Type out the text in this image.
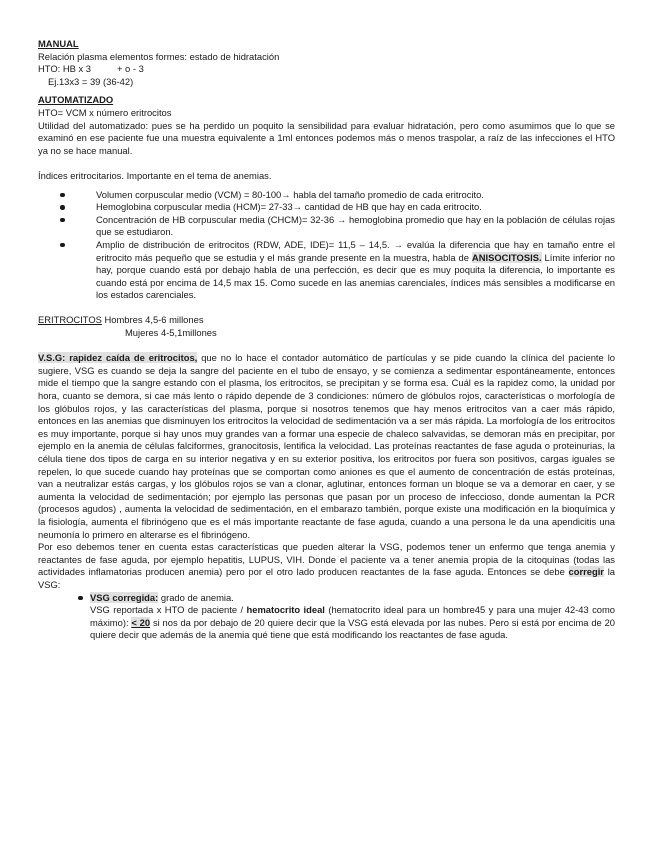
MANUAL

Relación plasma elementos formes: estado de hidratación

HTO: HB x 3	+ o - 3

Ej.13x3 = 39 (36-42)

AUTOMATIZADO

HTO= VCM x número eritrocitos

Utilidad del automatizado: pues se ha perdido un poquito la sensibilidad para evaluar hidratación, pero como asumimos que lo que se examinó en ese paciente fue una muestra equivalente a 1ml entonces podemos más o menos traspolar, a raíz de las infecciones el HTO ya no se hace manual.

Índices eritrocitarios. Importante en el tema de anemias.

Volumen corpuscular medio (VCM) = 80-100→ habla del tamaño promedio de cada eritrocito.
Hemoglobina corpuscular media (HCM)= 27-33→ cantidad de HB que hay en cada eritrocito.
Concentración de HB corpuscular media (CHCM)= 32-36 → hemoglobina promedio que hay en la población de células rojas que se estudiaron.
Amplio de distribución de eritrocitos (RDW, ADE, IDE)= 11,5 – 14,5. → evalúa la diferencia que hay en tamaño entre el eritrocito más pequeño que se estudia y el más grande presente en la muestra, habla de ANISOCITOSIS. Límite inferior no hay, porque cuando está por debajo habla de una perfección, es decir que es muy poquita la diferencia, lo importante es cuando está por encima de 14,5 max 15. Como sucede en las anemias carenciales, índices más sensibles a modificarse en los estados carenciales.

ERITROCITOS Hombres 4,5-6 millones

Mujeres 4-5,1millones

V.S.G: rapidez caída de eritrocitos, que no lo hace el contador automático de partículas y se pide cuando la clínica del paciente lo sugiere, VSG es cuando se deja la sangre del paciente en el tubo de ensayo, y se comienza a sedimentar espontáneamente, entonces mide el tiempo que la sangre estando con el plasma, los eritrocitos, se precipitan y se forma esa. Cuál es la rapidez como, la unidad por hora, cuanto se demora, si cae más lento o rápido depende de 3 condiciones: número de glóbulos rojos, características o morfología de los glóbulos rojos, y las características del plasma, porque si nosotros tenemos que hay menos eritrocitos van a caer más rápido, entonces en las anemias que disminuyen los eritrocitos la velocidad de sedimentación va a ser más rápida. La morfología de los eritrocitos es muy importante, porque si hay unos muy grandes van a formar una especie de chaleco salvavidas, se demoran más en precipitar, por ejemplo en la anemia de células falciformes, granocitosis, lentifica la velocidad. Las proteínas reactantes de fase aguda o proteinurias, la célula tiene dos tipos de carga en su interior negativa y en su exterior positiva, los eritrocitos por fuera son positivos, cargas iguales se repelen, lo que sucede cuando hay proteínas que se comportan como aniones es que el aumento de concentración de estás proteínas, van a neutralizar estás cargas, y los glóbulos rojos se van a clonar, aglutinar, entonces forman un bloque se va a demorar en caer, y se aumenta la velocidad de sedimentación; por ejemplo las personas que pasan por un proceso de infeccioso, donde aumentan la PCR (procesos agudos) , aumenta la velocidad de sedimentación, en el embarazo también, porque existe una modificación en la bioquímica y la fisiología, aumenta el fibrinógeno que es el más importante reactante de fase aguda, cuando a una persona le da una apendicitis una neumonía lo primero en alterarse es el fibrinógeno.

Por eso debemos tener en cuenta estas características que pueden alterar la VSG, podemos tener un enfermo que tenga anemia y reactantes de fase aguda, por ejemplo hepatitis, LUPUS, VIH. Donde el paciente va a tener anemia propia de la citoquinas (todas las actividades inflamatorias producen anemia) pero por el otro lado producen reactantes de la fase aguda. Entonces se debe corregir la VSG:

VSG corregida: grado de anemia.
VSG reportada x HTO de paciente / hematocrito ideal (hematocrito ideal para un hombre45 y para una mujer 42-43 como máximo): < 20 si nos da por debajo de 20 quiere decir que la VSG está elevada por las nubes. Pero si está por encima de 20 quiere decir que además de la anemia qué tiene que está modificando los reactantes de fase aguda.
